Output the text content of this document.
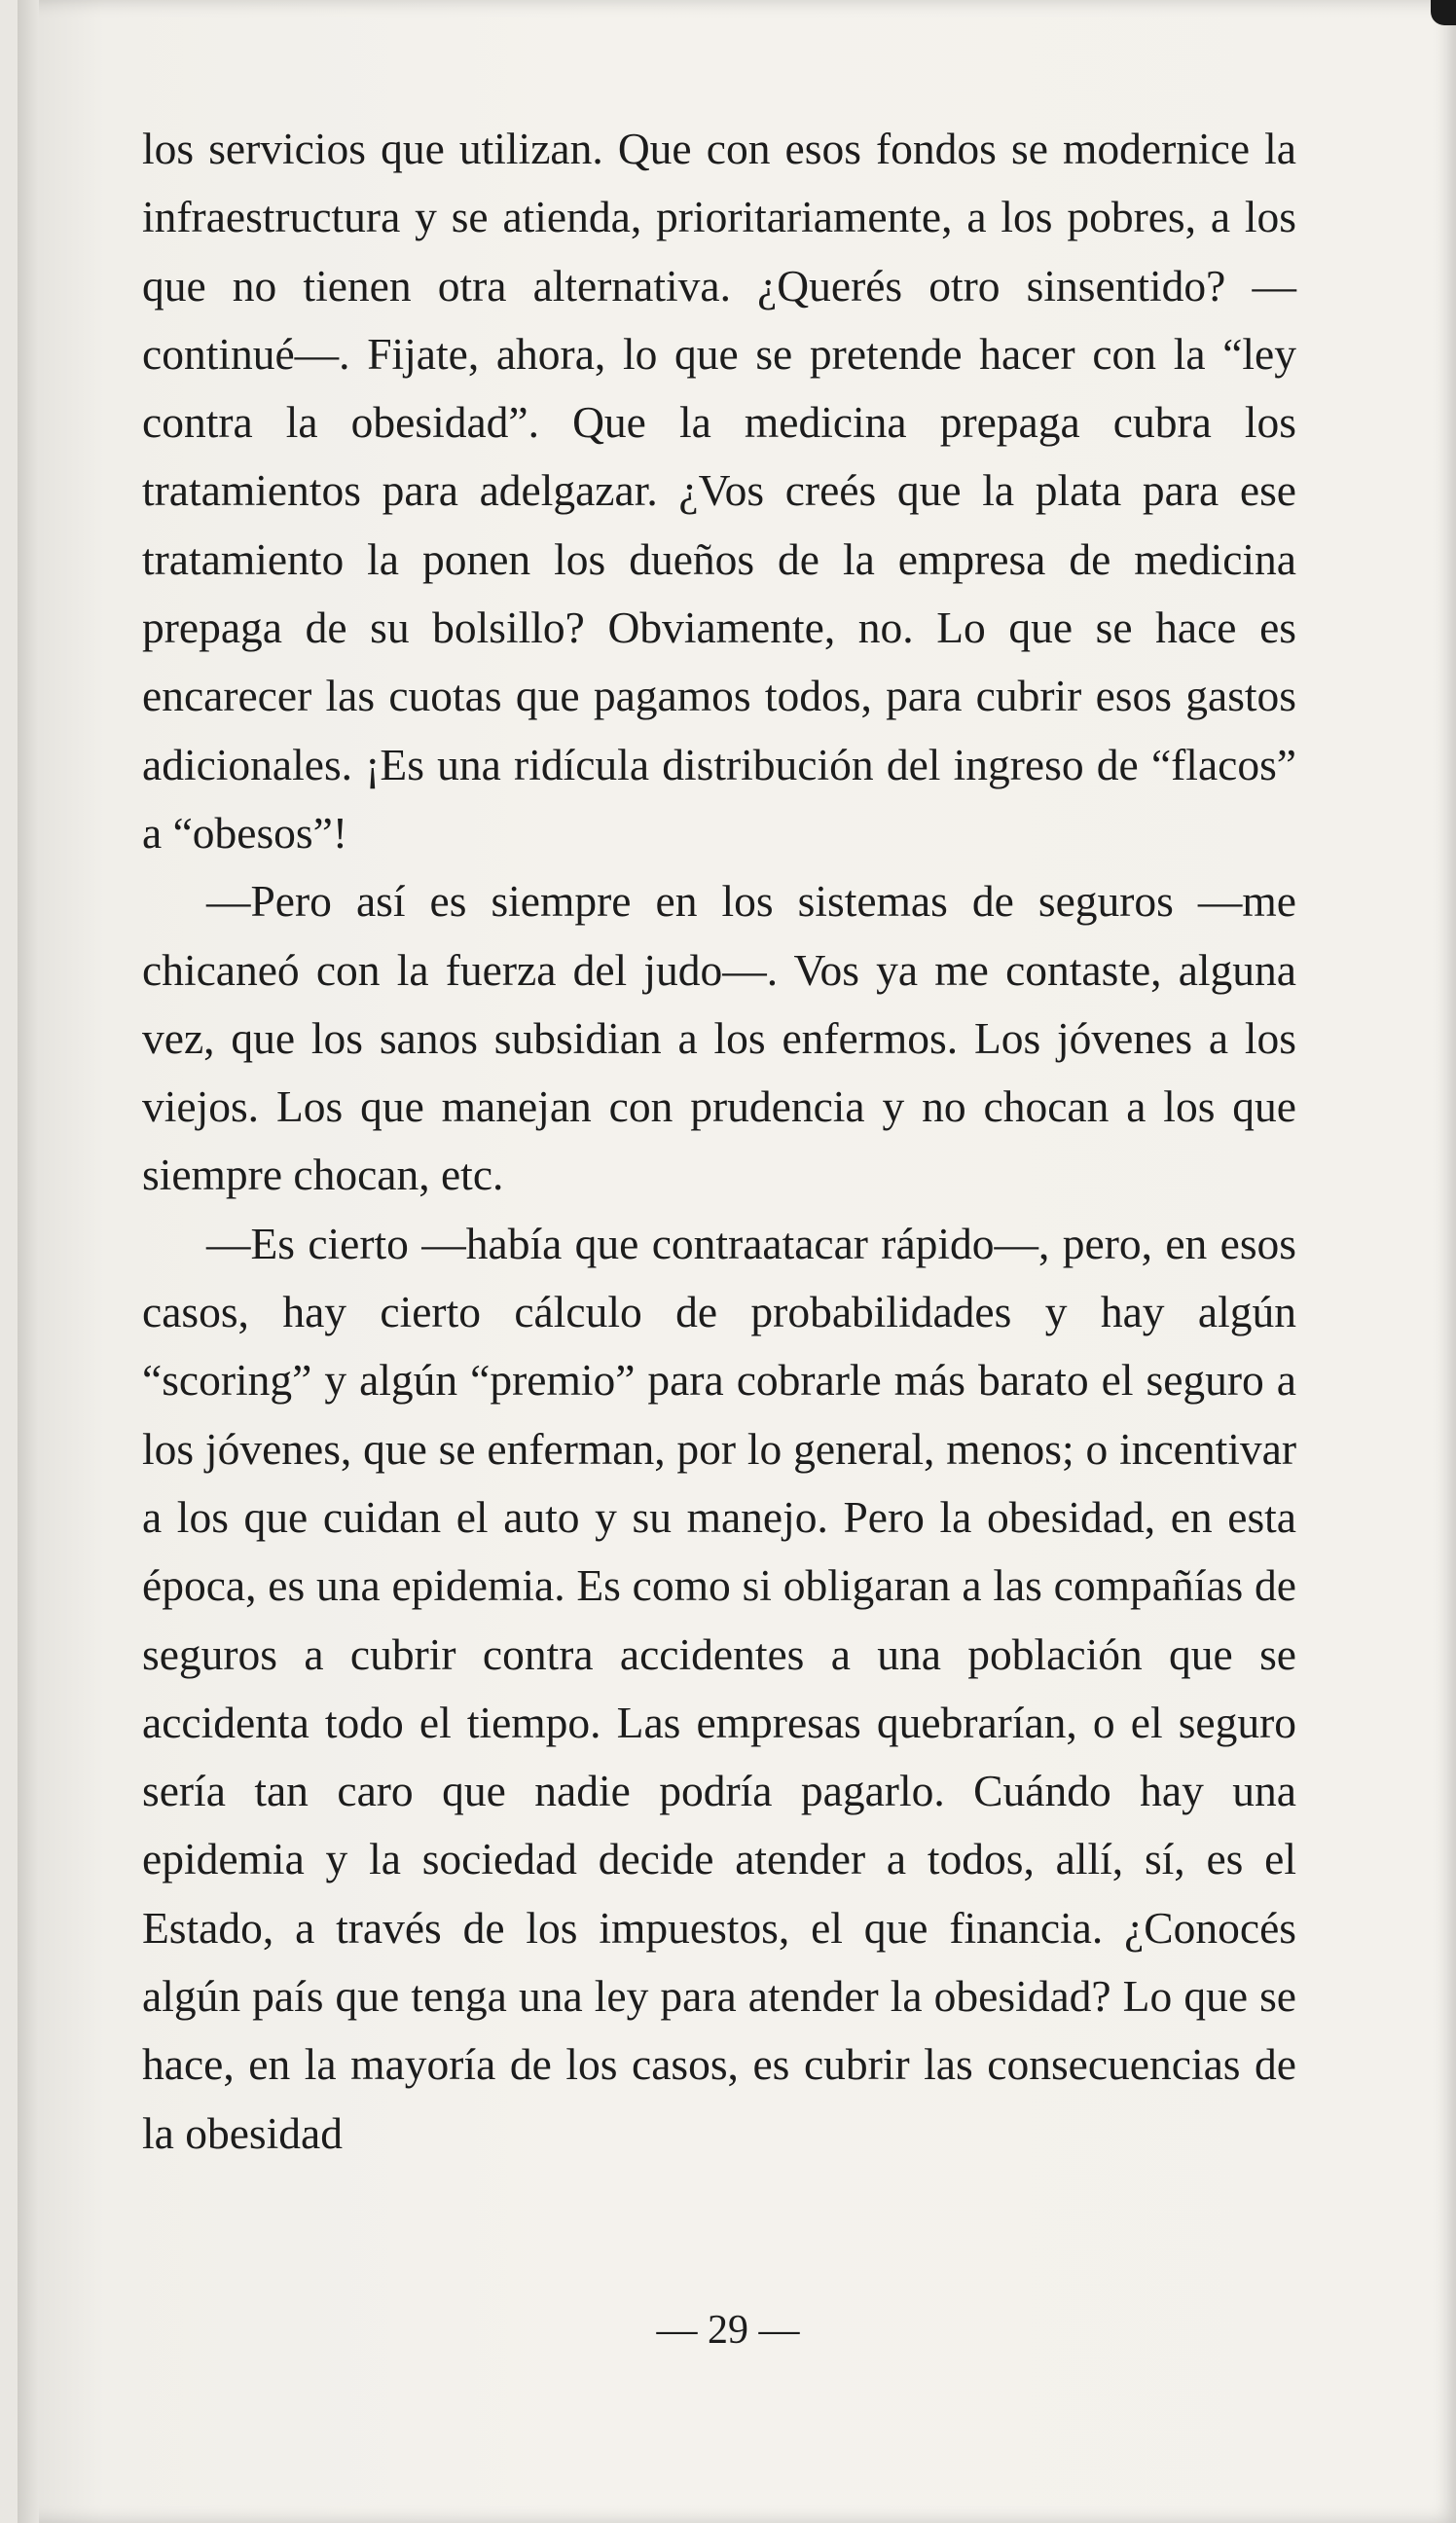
los servicios que utilizan. Que con esos fondos se modernice la infraestructura y se atienda, prioritariamente, a los pobres, a los que no tienen otra alternativa. ¿Querés otro sinsentido? —continué—. Fijate, ahora, lo que se pretende hacer con la “ley contra la obesidad”. Que la medicina prepaga cubra los tratamientos para adelgazar. ¿Vos creés que la plata para ese tratamiento la ponen los dueños de la empresa de medicina prepaga de su bolsillo? Obviamente, no. Lo que se hace es encarecer las cuotas que pagamos todos, para cubrir esos gastos adicionales. ¡Es una ridícula distribución del ingreso de “flacos” a “obesos”!

—Pero así es siempre en los sistemas de seguros —me chicaneó con la fuerza del judo—. Vos ya me contaste, alguna vez, que los sanos subsidian a los enfermos. Los jóvenes a los viejos. Los que manejan con prudencia y no chocan a los que siempre chocan, etc.

—Es cierto —había que contraatacar rápido—, pero, en esos casos, hay cierto cálculo de probabilidades y hay algún “scoring” y algún “premio” para cobrarle más barato el seguro a los jóvenes, que se enferman, por lo general, menos; o incentivar a los que cuidan el auto y su manejo. Pero la obesidad, en esta época, es una epidemia. Es como si obligaran a las compañías de seguros a cubrir contra accidentes a una población que se accidenta todo el tiempo. Las empresas quebrarían, o el seguro sería tan caro que nadie podría pagarlo. Cuándo hay una epidemia y la sociedad decide atender a todos, allí, sí, es el Estado, a través de los impuestos, el que financia. ¿Conocés algún país que tenga una ley para atender la obesidad? Lo que se hace, en la mayoría de los casos, es cubrir las consecuencias de la obesidad

— 29 —
